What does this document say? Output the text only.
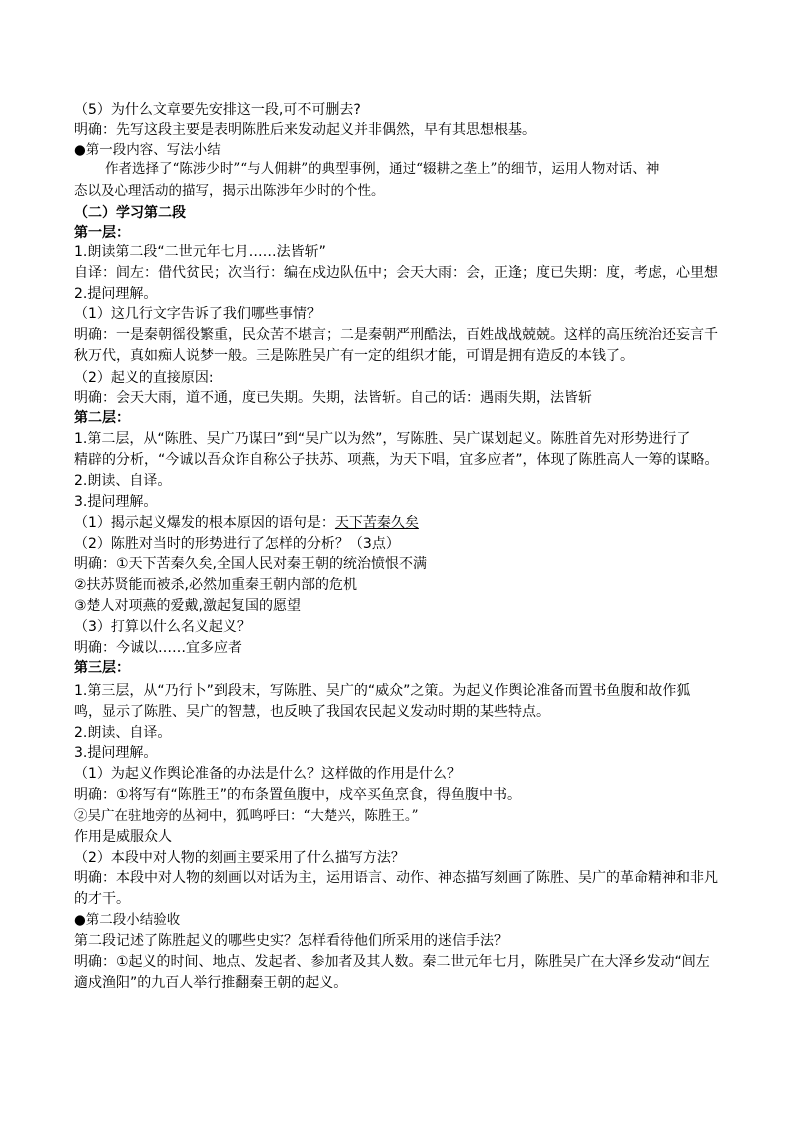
（5）为什么文章要先安排这一段,可不可删去?
明确：先写这段主要是表明陈胜后来发动起义并非偶然，早有其思想根基。
●第一段内容、写法小结
作者选择了“陈涉少时”“与人佣耕”的典型事例，通过“辍耕之垄上”的细节，运用人物对话、神
态以及心理活动的描写，揭示出陈涉年少时的个性。
（二）学习第二段
第一层：
1.朗读第二段“二世元年七月……法皆斩”
自译：闾左：借代贫民；次当行：编在戍边队伍中；会天大雨：会，正逢；度已失期：度，考虑，心里想
2.提问理解。
（1）这几行文字告诉了我们哪些事情？
明确：一是秦朝徭役繁重，民众苦不堪言；二是秦朝严刑酷法，百姓战战兢兢。这样的高压统治还妄言千
秋万代，真如痴人说梦一般。三是陈胜吴广有一定的组织才能，可谓是拥有造反的本钱了。
（2）起义的直接原因:
明确：会天大雨，道不通，度已失期。失期，法皆斩。自己的话：遇雨失期，法皆斩
第二层：
1.第二层，从“陈胜、吴广乃谋曰”到“吴广以为然”，写陈胜、吴广谋划起义。陈胜首先对形势进行了
精辟的分析，“今诚以吾众诈自称公子扶苏、项燕，为天下唱，宜多应者”，体现了陈胜高人一筹的谋略。
2.朗读、自译。
3.提问理解。
（1）揭示起义爆发的根本原因的语句是：天下苦秦久矣
（2）陈胜对当时的形势进行了怎样的分析？（3点）
明确：①天下苦秦久矣,全国人民对秦王朝的统治愤恨不满
②扶苏贤能而被杀,必然加重秦王朝内部的危机
③楚人对项燕的爱戴,激起复国的愿望
（3）打算以什么名义起义？
明确：今诚以……宜多应者
第三层：
1.第三层，从“乃行卜”到段末，写陈胜、吴广的“威众”之策。为起义作舆论准备而置书鱼腹和故作狐
鸣，显示了陈胜、吴广的智慧，也反映了我国农民起义发动时期的某些特点。
2.朗读、自译。
3.提问理解。
（1）为起义作舆论准备的办法是什么？这样做的作用是什么？
明确：①将写有“陈胜王”的布条置鱼腹中，戍卒买鱼烹食，得鱼腹中书。
②吴广在驻地旁的丛祠中，狐鸣呼曰：“大楚兴，陈胜王。”
作用是威服众人
（2）本段中对人物的刻画主要采用了什么描写方法？
明确：本段中对人物的刻画以对话为主，运用语言、动作、神态描写刻画了陈胜、吴广的革命精神和非凡
的才干。
●第二段小结验收
第二段记述了陈胜起义的哪些史实？怎样看待他们所采用的迷信手法？
明确：①起义的时间、地点、发起者、参加者及其人数。秦二世元年七月，陈胜吴广在大泽乡发动“闾左
適戍渔阳”的九百人举行推翻秦王朝的起义。
